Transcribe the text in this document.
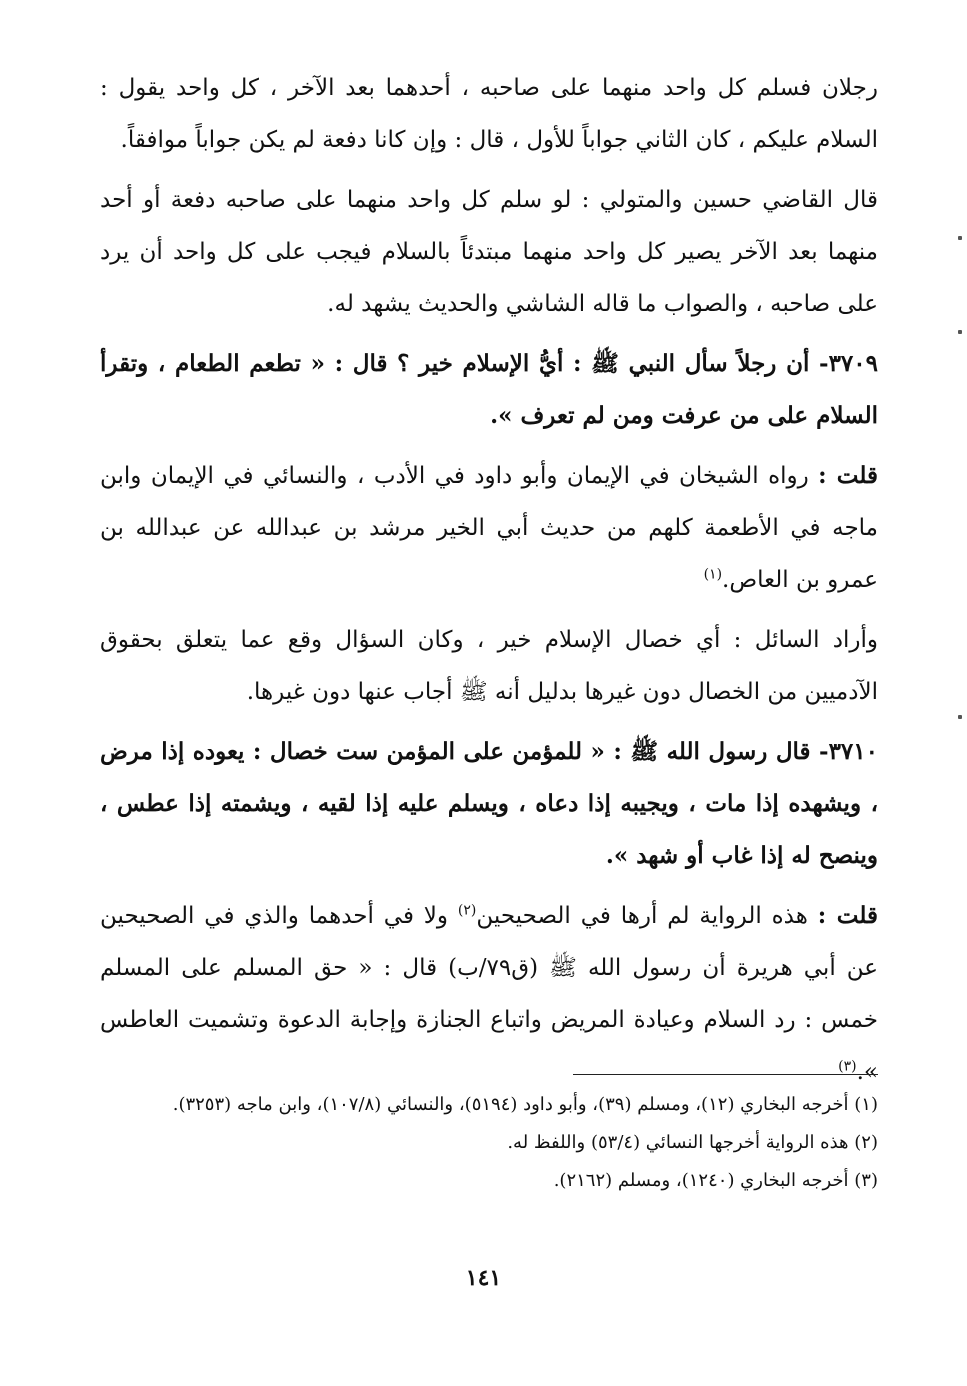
رجلان فسلم كل واحد منهما على صاحبه ، أحدهما بعد الآخر ، كل واحد يقول : السلام عليكم ، كان الثاني جواباً للأول ، قال : وإن كانا دفعة لم يكن جواباً موافقاً.

قال القاضي حسين والمتولي : لو سلم كل واحد منهما على صاحبه دفعة أو أحد منهما بعد الآخر يصير كل واحد منهما مبتدئاً بالسلام فيجب على كل واحد أن يرد على صاحبه ، والصواب ما قاله الشاشي والحديث يشهد له.

٣٧٠٩- أن رجلاً سأل النبي ﷺ : أيُّ الإسلام خير ؟ قال : « تطعم الطعام ، وتقرأ السلام على من عرفت ومن لم تعرف ».

قلت : رواه الشيخان في الإيمان وأبو داود في الأدب ، والنسائي في الإيمان وابن ماجه في الأطعمة كلهم من حديث أبي الخير مرشد بن عبدالله عن عبدالله بن عمرو بن العاص.$^{(١)}$

وأراد السائل : أي خصال الإسلام خير ، وكان السؤال وقع عما يتعلق بحقوق الآدميين من الخصال دون غيرها بدليل أنه ﷺ أجاب عنها دون غيرها.

٣٧١٠- قال رسول الله ﷺ : « للمؤمن على المؤمن ست خصال : يعوده إذا مرض ، ويشهده إذا مات ، ويجيبه إذا دعاه ، ويسلم عليه إذا لقيه ، ويشمته إذا عطس ، وينصح له إذا غاب أو شهد ».

قلت : هذه الرواية لم أرها في الصحيحين$^{(٢)}$ ولا في أحدهما والذي في الصحيحين عن أبي هريرة أن رسول الله ﷺ (ق٧٩/ب) قال : « حق المسلم على المسلم خمس : رد السلام وعيادة المريض واتباع الجنازة وإجابة الدعوة وتشميت العاطس ».$^{(٣)}$

(١) أخرجه البخاري (١٢)، ومسلم (٣٩)، وأبو داود (٥١٩٤)، والنسائي (١٠٧/٨)، وابن ماجه (٣٢٥٣).

(٢) هذه الرواية أخرجها النسائي (٥٣/٤) واللفظ له.

(٣) أخرجه البخاري (١٢٤٠)، ومسلم (٢١٦٢).

١٤١
